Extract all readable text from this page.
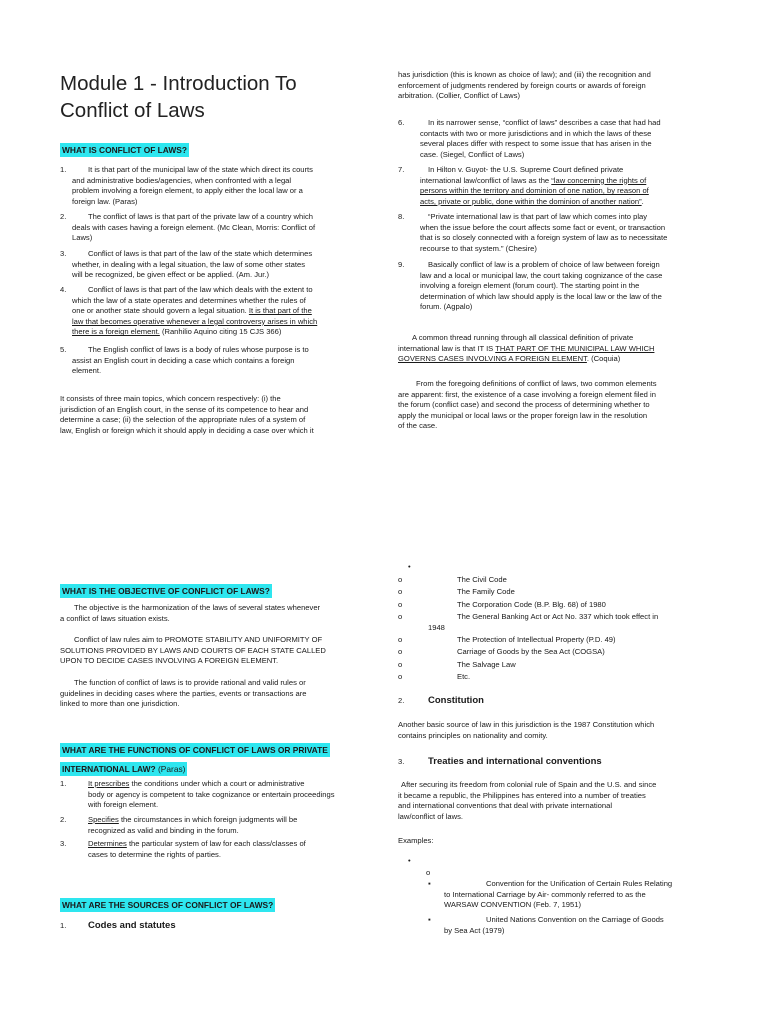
Module 1 - Introduction To
Conflict of Laws
WHAT IS CONFLICT OF LAWS?
1.	It is that part of the municipal law of the state which direct its courts
and administrative bodies/agencies, when confronted with a legal
problem involving a foreign element, to apply either the local law or a
foreign law. (Paras)
2.	The conflict of laws is that part of the private law of a country which
deals with cases having a foreign element. (Mc Clean, Morris: Conflict of
Laws)
3.	Conflict of laws is that part of the law of the state which determines
whether, in dealing with a legal situation, the law of some other states
will be recognized, be given effect or be applied. (Am. Jur.)
4.	Conflict of laws is that part of the law which deals with the extent to
which the law of a state operates and determines whether the rules of
one or another state should govern a legal situation. It is that part of the
law that becomes operative whenever a legal controversy arises in which
there is a foreign element. (Ranhilio Aquino citing 15 CJS 366)
5.	The English conflict of laws is a body of rules whose purpose is to
assist an English court in deciding a case which contains a foreign
element.
It consists of three main topics, which concern respectively: (i) the
jurisdiction of an English court, in the sense of its competence to hear and
determine a case; (ii) the selection of the appropriate rules of a system of
law, English or foreign which it should apply in deciding a case over which it
has jurisdiction (this is known as choice of law); and (iii) the recognition and
enforcement of judgments rendered by foreign courts or awards of foreign
arbitration. (Collier, Conflict of Laws)
6.	In its narrower sense, “conflict of laws” describes a case that had had
contacts with two or more jurisdictions and in which the laws of these
several places differ with respect to some issue that has arisen in the
case. (Siegel, Conflict of Laws)
7.	In Hilton v. Guyot- the U.S. Supreme Court defined private
international law/conflict of laws as the “law concerning the rights of
persons within the territory and dominion of one nation, by reason of
acts, private or public, done within the dominion of another nation”.
8.	“Private international law is that part of law which comes into play
when the issue before the court affects some fact or event, or transaction
that is so closely connected with a foreign system of law as to necessitate
recourse to that system.” (Chesire)
9.	Basically conflict of law is a problem of choice of law between foreign
law and a local or municipal law, the court taking cognizance of the case
involving a foreign element (forum court). The starting point in the
determination of which law should apply is the local law or the law of the
forum. (Agpalo)
A common thread running through all classical definition of private
international law is that IT IS THAT PART OF THE MUNICIPAL LAW WHICH
GOVERNS CASES INVOLVING A FOREIGN ELEMENT. (Coquia)
From the foregoing definitions of conflict of laws, two common elements
are apparent: first, the existence of a case involving a foreign element filed in
the forum (conflict case) and second the process of determining whether to
apply the municipal or local laws or the proper foreign law in the resolution
of the case.
WHAT IS THE OBJECTIVE OF CONFLICT OF LAWS?
The objective is the harmonization of the laws of several states whenever
a conflict of laws situation exists.
Conflict of law rules aim to PROMOTE STABILITY AND UNIFORMITY OF
SOLUTIONS PROVIDED BY LAWS AND COURTS OF EACH STATE CALLED
UPON TO DECIDE CASES INVOLVING A FOREIGN ELEMENT.
The function of conflict of laws is to provide rational and valid rules or
guidelines in deciding cases where the parties, events or transactions are
linked to more than one jurisdiction.
WHAT ARE THE FUNCTIONS OF CONFLICT OF LAWS OR PRIVATE
INTERNATIONAL LAW? (Paras)
1.	It prescribes the conditions under which a court or administrative
body or agency is competent to take cognizance or entertain proceedings
with foreign element.
2.	Specifies the circumstances in which foreign judgments will be
recognized as valid and binding in the forum.
3.	Determines the particular system of law for each class/classes of
cases to determine the rights of parties.
WHAT ARE THE SOURCES OF CONFLICT OF LAWS?
1. Codes and statutes
•
o	The Civil Code
o	The Family Code
o	The Corporation Code (B.P. Blg. 68) of 1980
o	The General Banking Act or Act No. 337 which took effect in
1948
o	The Protection of Intellectual Property (P.D. 49)
o	Carriage of Goods by the Sea Act (COGSA)
o	The Salvage Law
o	Etc.
2. Constitution
Another basic source of law in this jurisdiction is the 1987 Constitution which
contains principles on nationality and comity.
3. Treaties and international conventions
After securing its freedom from colonial rule of Spain and the U.S. and since
it became a republic, the Philippines has entered into a number of treaties
and international conventions that deal with private international
law/conflict of laws.
Examples:
•
o
▪	Convention for the Unification of Certain Rules Relating
to International Carriage by Air- commonly referred to as the
WARSAW CONVENTION (Feb. 7, 1951)
▪	United Nations Convention on the Carriage of Goods
by Sea Act (1979)
